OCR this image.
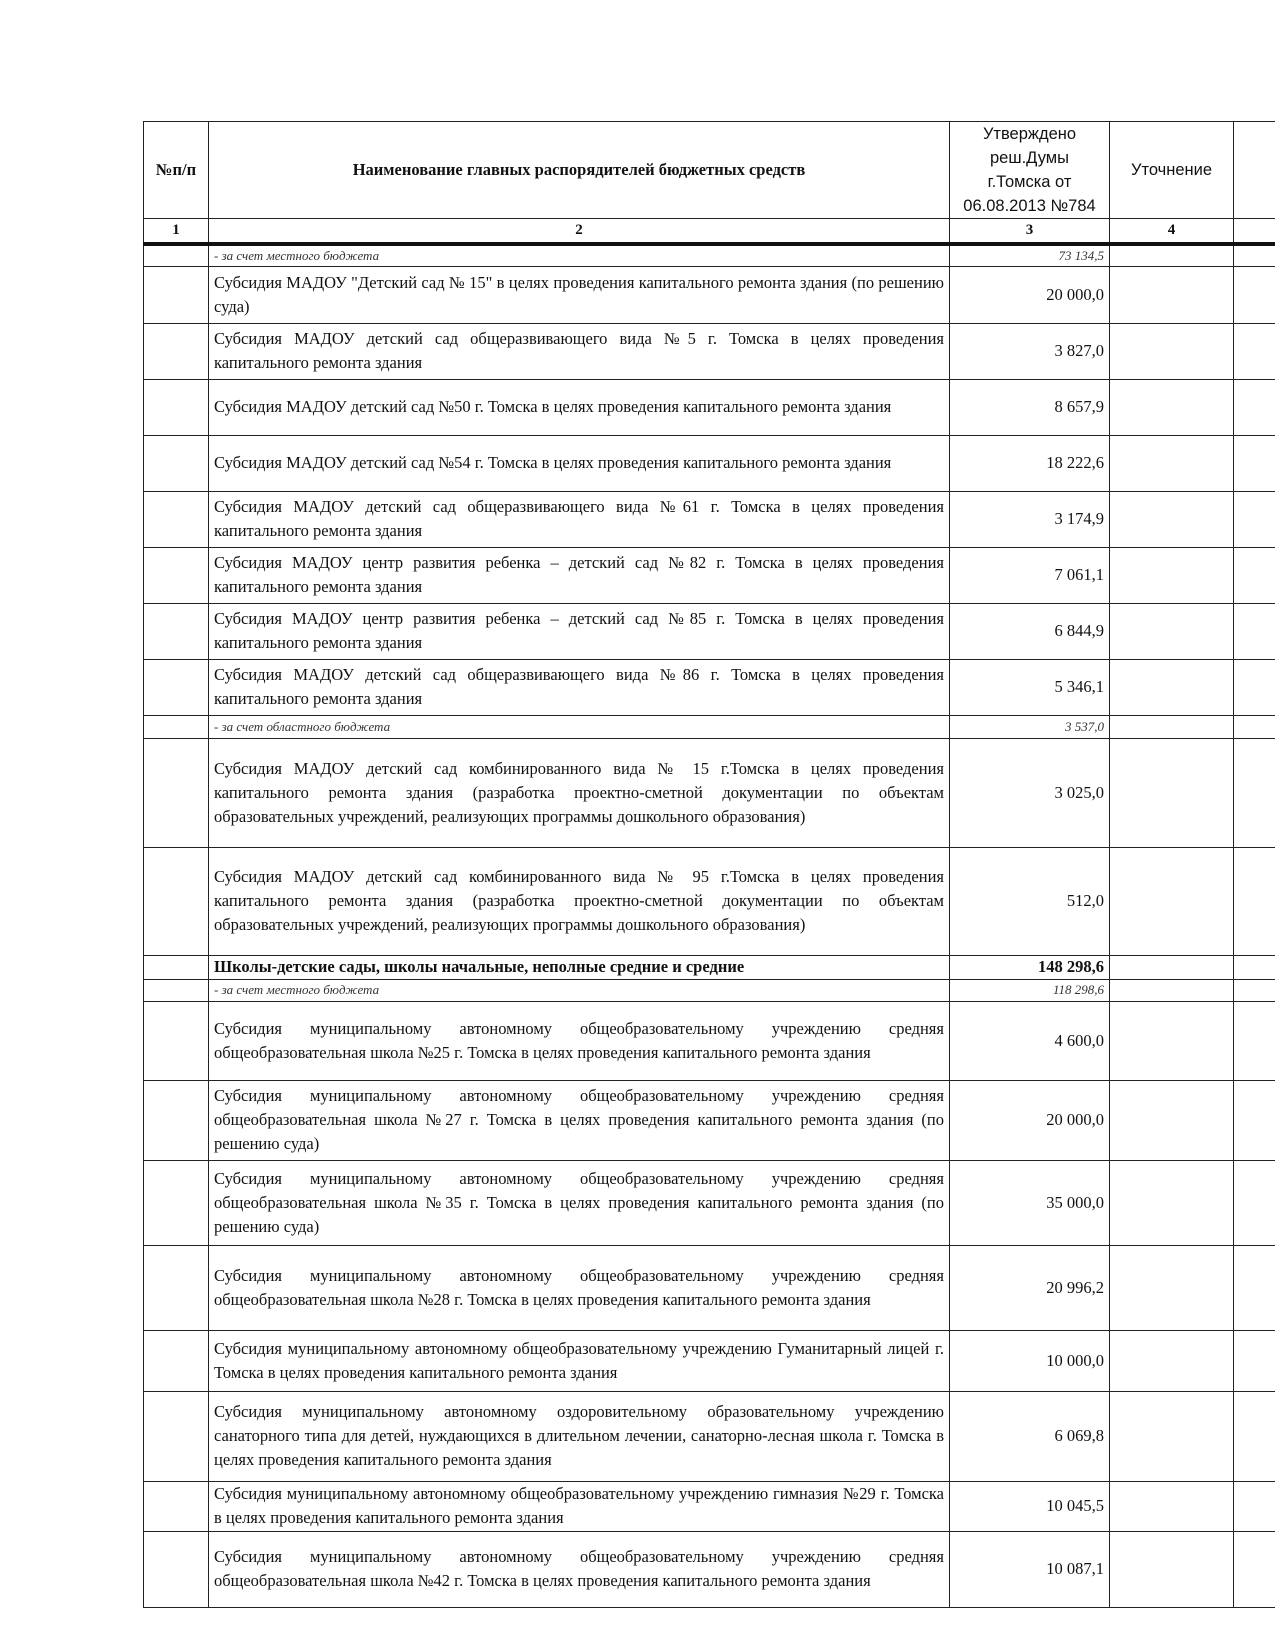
№п/п	Наименование главных распорядителей бюджетных средств	Утверждено
реш.Думы
г.Томска от
06.08.2013 №784	Уточнение	
1	2	3	4	
	- за счет местного бюджета	73 134,5		
	Субсидия МАДОУ "Детский сад № 15" в целях проведения капитального ремонта здания (по решению суда)	20 000,0		
	Субсидия МАДОУ детский сад общеразвивающего вида №5 г. Томска в целях проведения капитального ремонта здания	3 827,0		
	Субсидия МАДОУ детский сад №50 г. Томска в целях проведения капитального ремонта здания	8 657,9		
	Субсидия МАДОУ детский сад №54 г. Томска в целях проведения капитального ремонта здания	18 222,6		
	Субсидия МАДОУ детский сад общеразвивающего вида №61 г. Томска в целях проведения капитального ремонта здания	3 174,9		
	Субсидия МАДОУ центр развития ребенка – детский сад №82 г. Томска в целях проведения капитального ремонта здания	7 061,1		
	Субсидия МАДОУ центр развития ребенка – детский сад №85 г. Томска в целях проведения капитального ремонта здания	6 844,9		
	Субсидия МАДОУ детский сад общеразвивающего вида №86 г. Томска в целях проведения капитального ремонта здания	5 346,1		
	- за счет областного бюджета	3 537,0		
	Субсидия МАДОУ детский сад комбинированного вида № 15 г.Томска в целях проведения капитального ремонта здания (разработка проектно-сметной документации по объектам образовательных учреждений, реализующих программы дошкольного образования)	3 025,0		
	Субсидия МАДОУ детский сад комбинированного вида № 95 г.Томска в целях проведения капитального ремонта здания (разработка проектно-сметной документации по объектам образовательных учреждений, реализующих программы дошкольного образования)	512,0		
	Школы-детские сады, школы начальные, неполные средние и средние	148 298,6		
	- за счет местного бюджета	118 298,6		
	Субсидия муниципальному автономному общеобразовательному учреждению средняя общеобразовательная школа №25 г. Томска в целях проведения капитального ремонта здания	4 600,0		
	Субсидия муниципальному автономному общеобразовательному учреждению средняя общеобразовательная школа №27 г. Томска в целях проведения капитального ремонта здания (по решению суда)	20 000,0		
	Субсидия муниципальному автономному общеобразовательному учреждению средняя общеобразовательная школа №35 г. Томска в целях проведения капитального ремонта здания (по решению суда)	35 000,0		
	Субсидия муниципальному автономному общеобразовательному учреждению средняя общеобразовательная школа №28 г. Томска в целях проведения капитального ремонта здания	20 996,2		
	Субсидия муниципальному автономному общеобразовательному учреждению Гуманитарный лицей г. Томска в целях проведения капитального ремонта здания	10 000,0		
	Субсидия муниципальному автономному оздоровительному образовательному учреждению санаторного типа для детей, нуждающихся в длительном лечении, санаторно-лесная школа г. Томска в целях проведения капитального ремонта здания	6 069,8		
	Субсидия муниципальному автономному общеобразовательному учреждению гимназия №29 г. Томска в целях проведения капитального ремонта здания	10 045,5		
	Субсидия муниципальному автономному общеобразовательному учреждению средняя общеобразовательная школа №42 г. Томска в целях проведения капитального ремонта здания	10 087,1		
